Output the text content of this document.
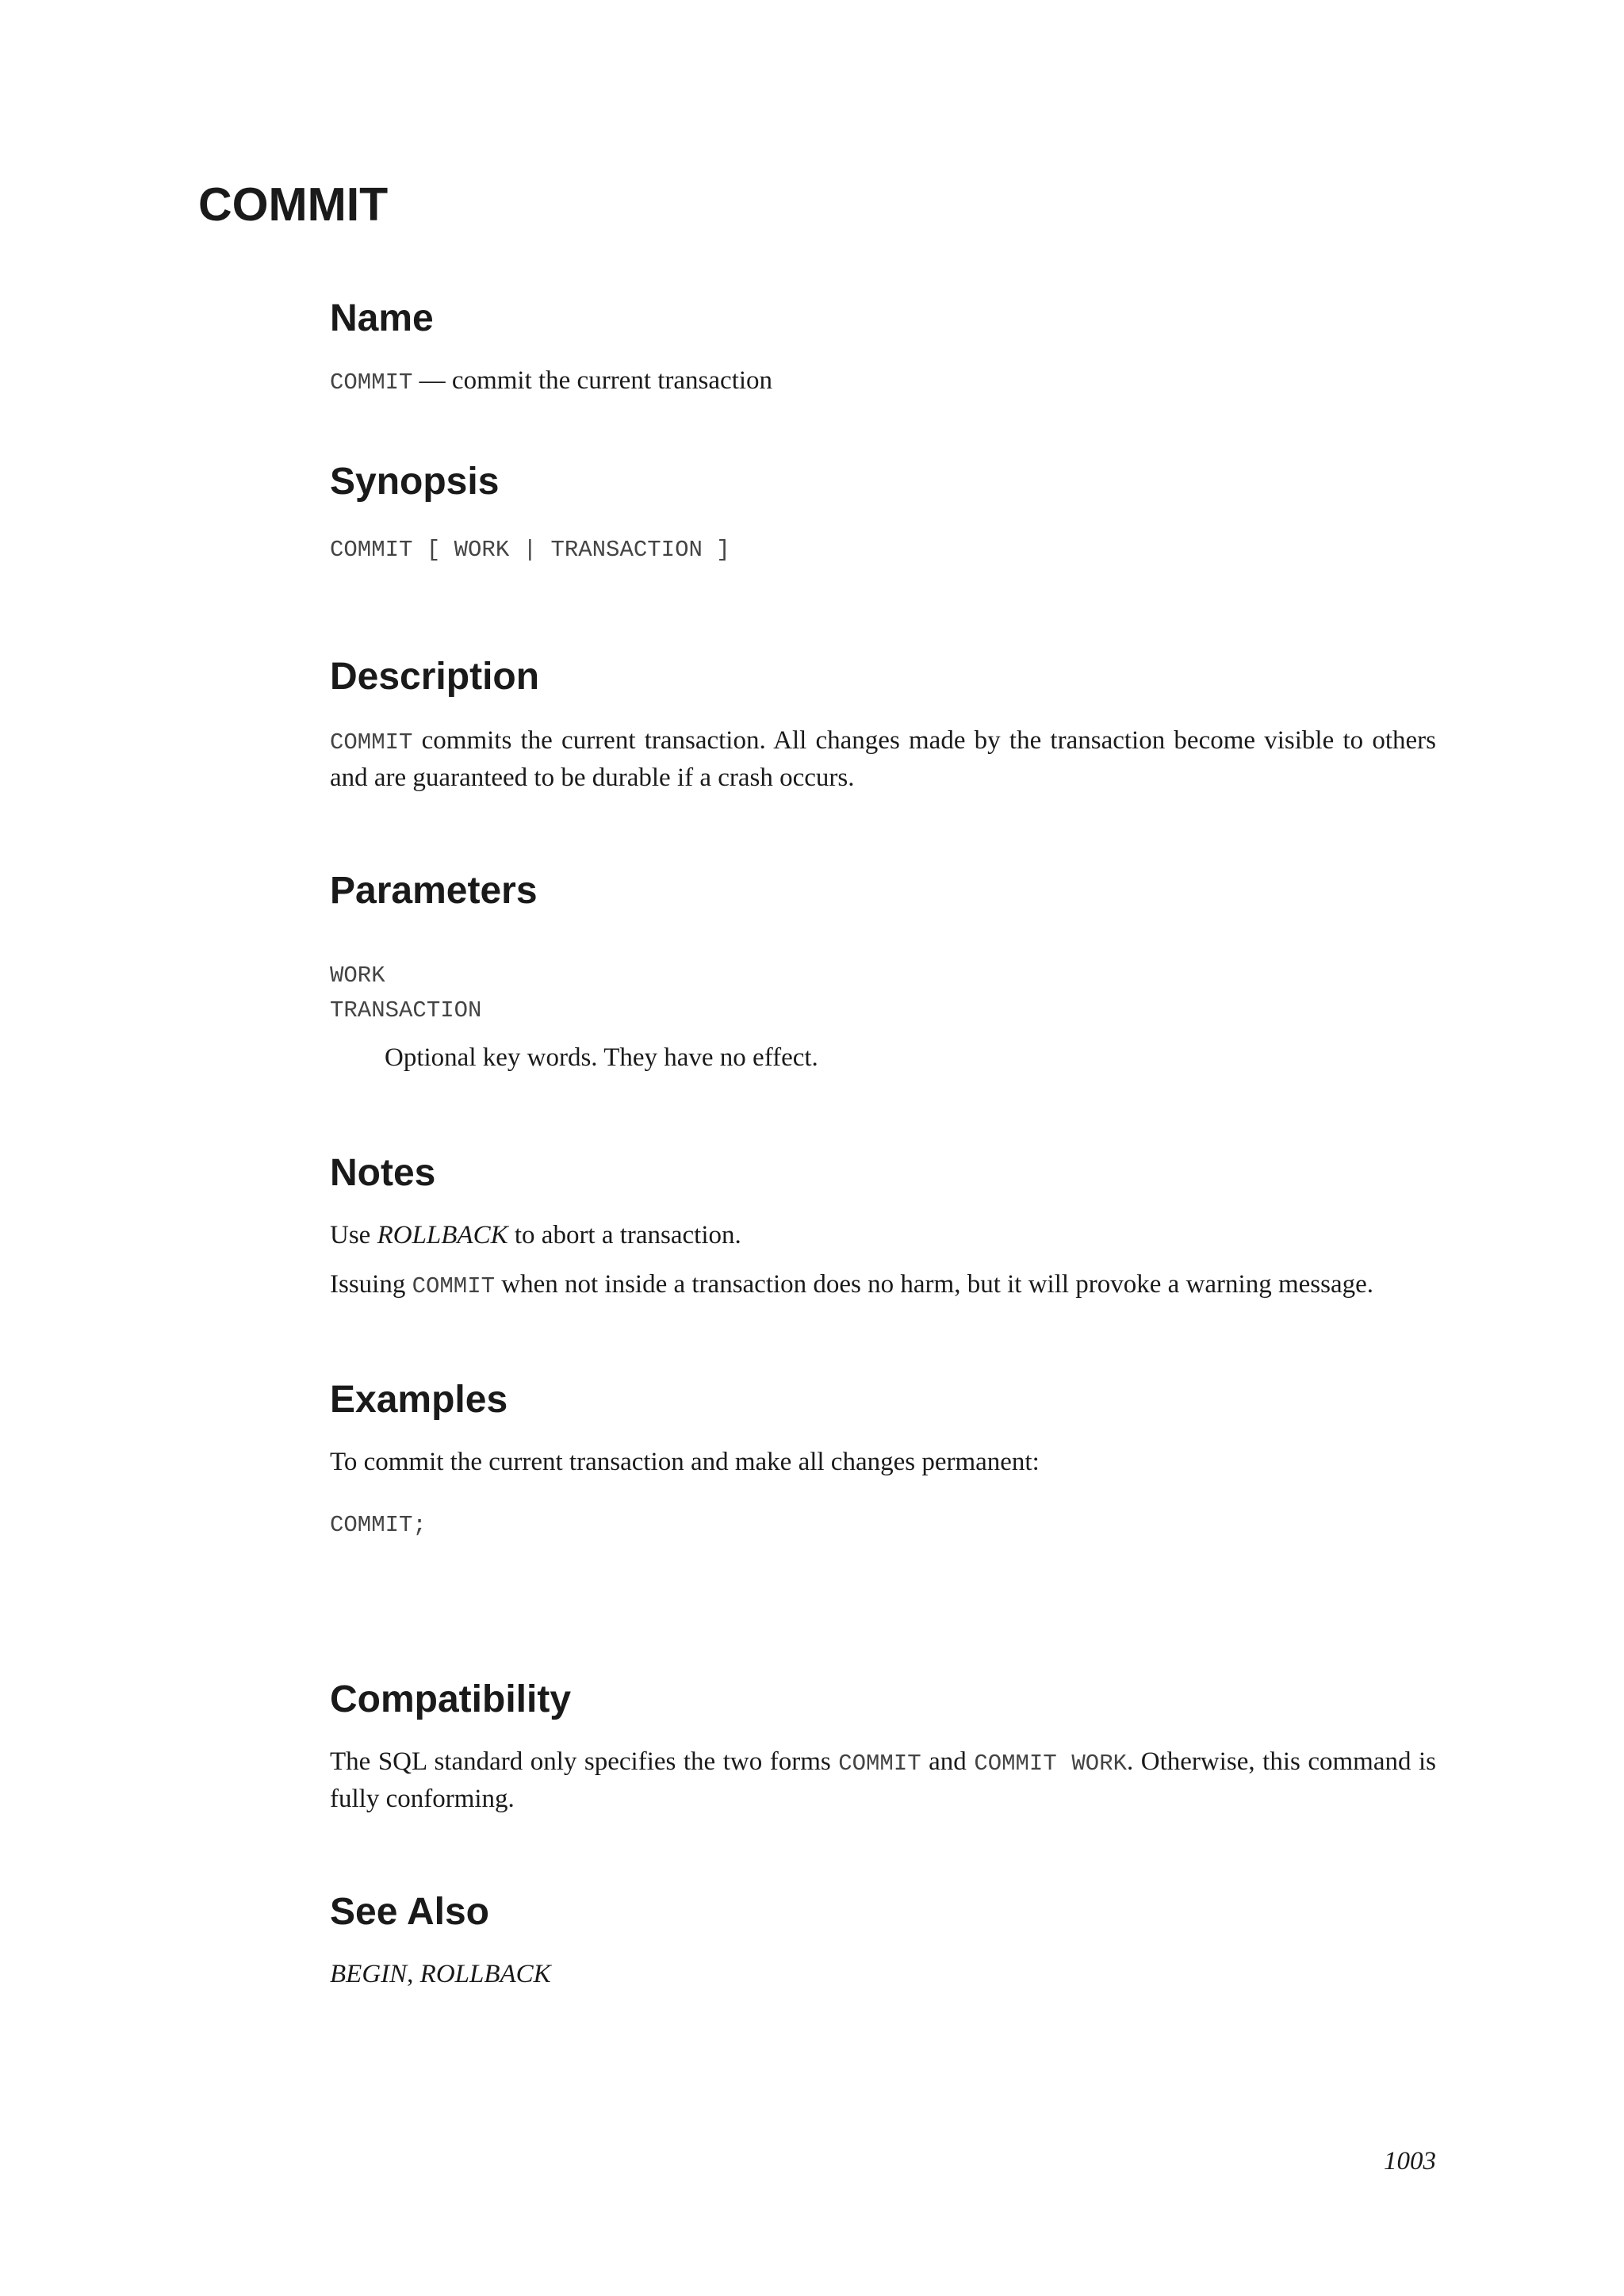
COMMIT
Name

COMMIT — commit the current transaction

Synopsis
COMMIT [ WORK | TRANSACTION ]
Description

COMMIT commits the current transaction. All changes made by the transaction become visible to others and are guaranteed to be durable if a crash occurs.

Parameters
WORK
TRANSACTION

Optional key words. They have no effect.

Notes

Use ROLLBACK to abort a transaction.

Issuing COMMIT when not inside a transaction does no harm, but it will provoke a warning message.

Examples

To commit the current transaction and make all changes permanent:

COMMIT;
Compatibility

The SQL standard only specifies the two forms COMMIT and COMMIT WORK. Otherwise, this command is fully conforming.

See Also

BEGIN, ROLLBACK

1003
